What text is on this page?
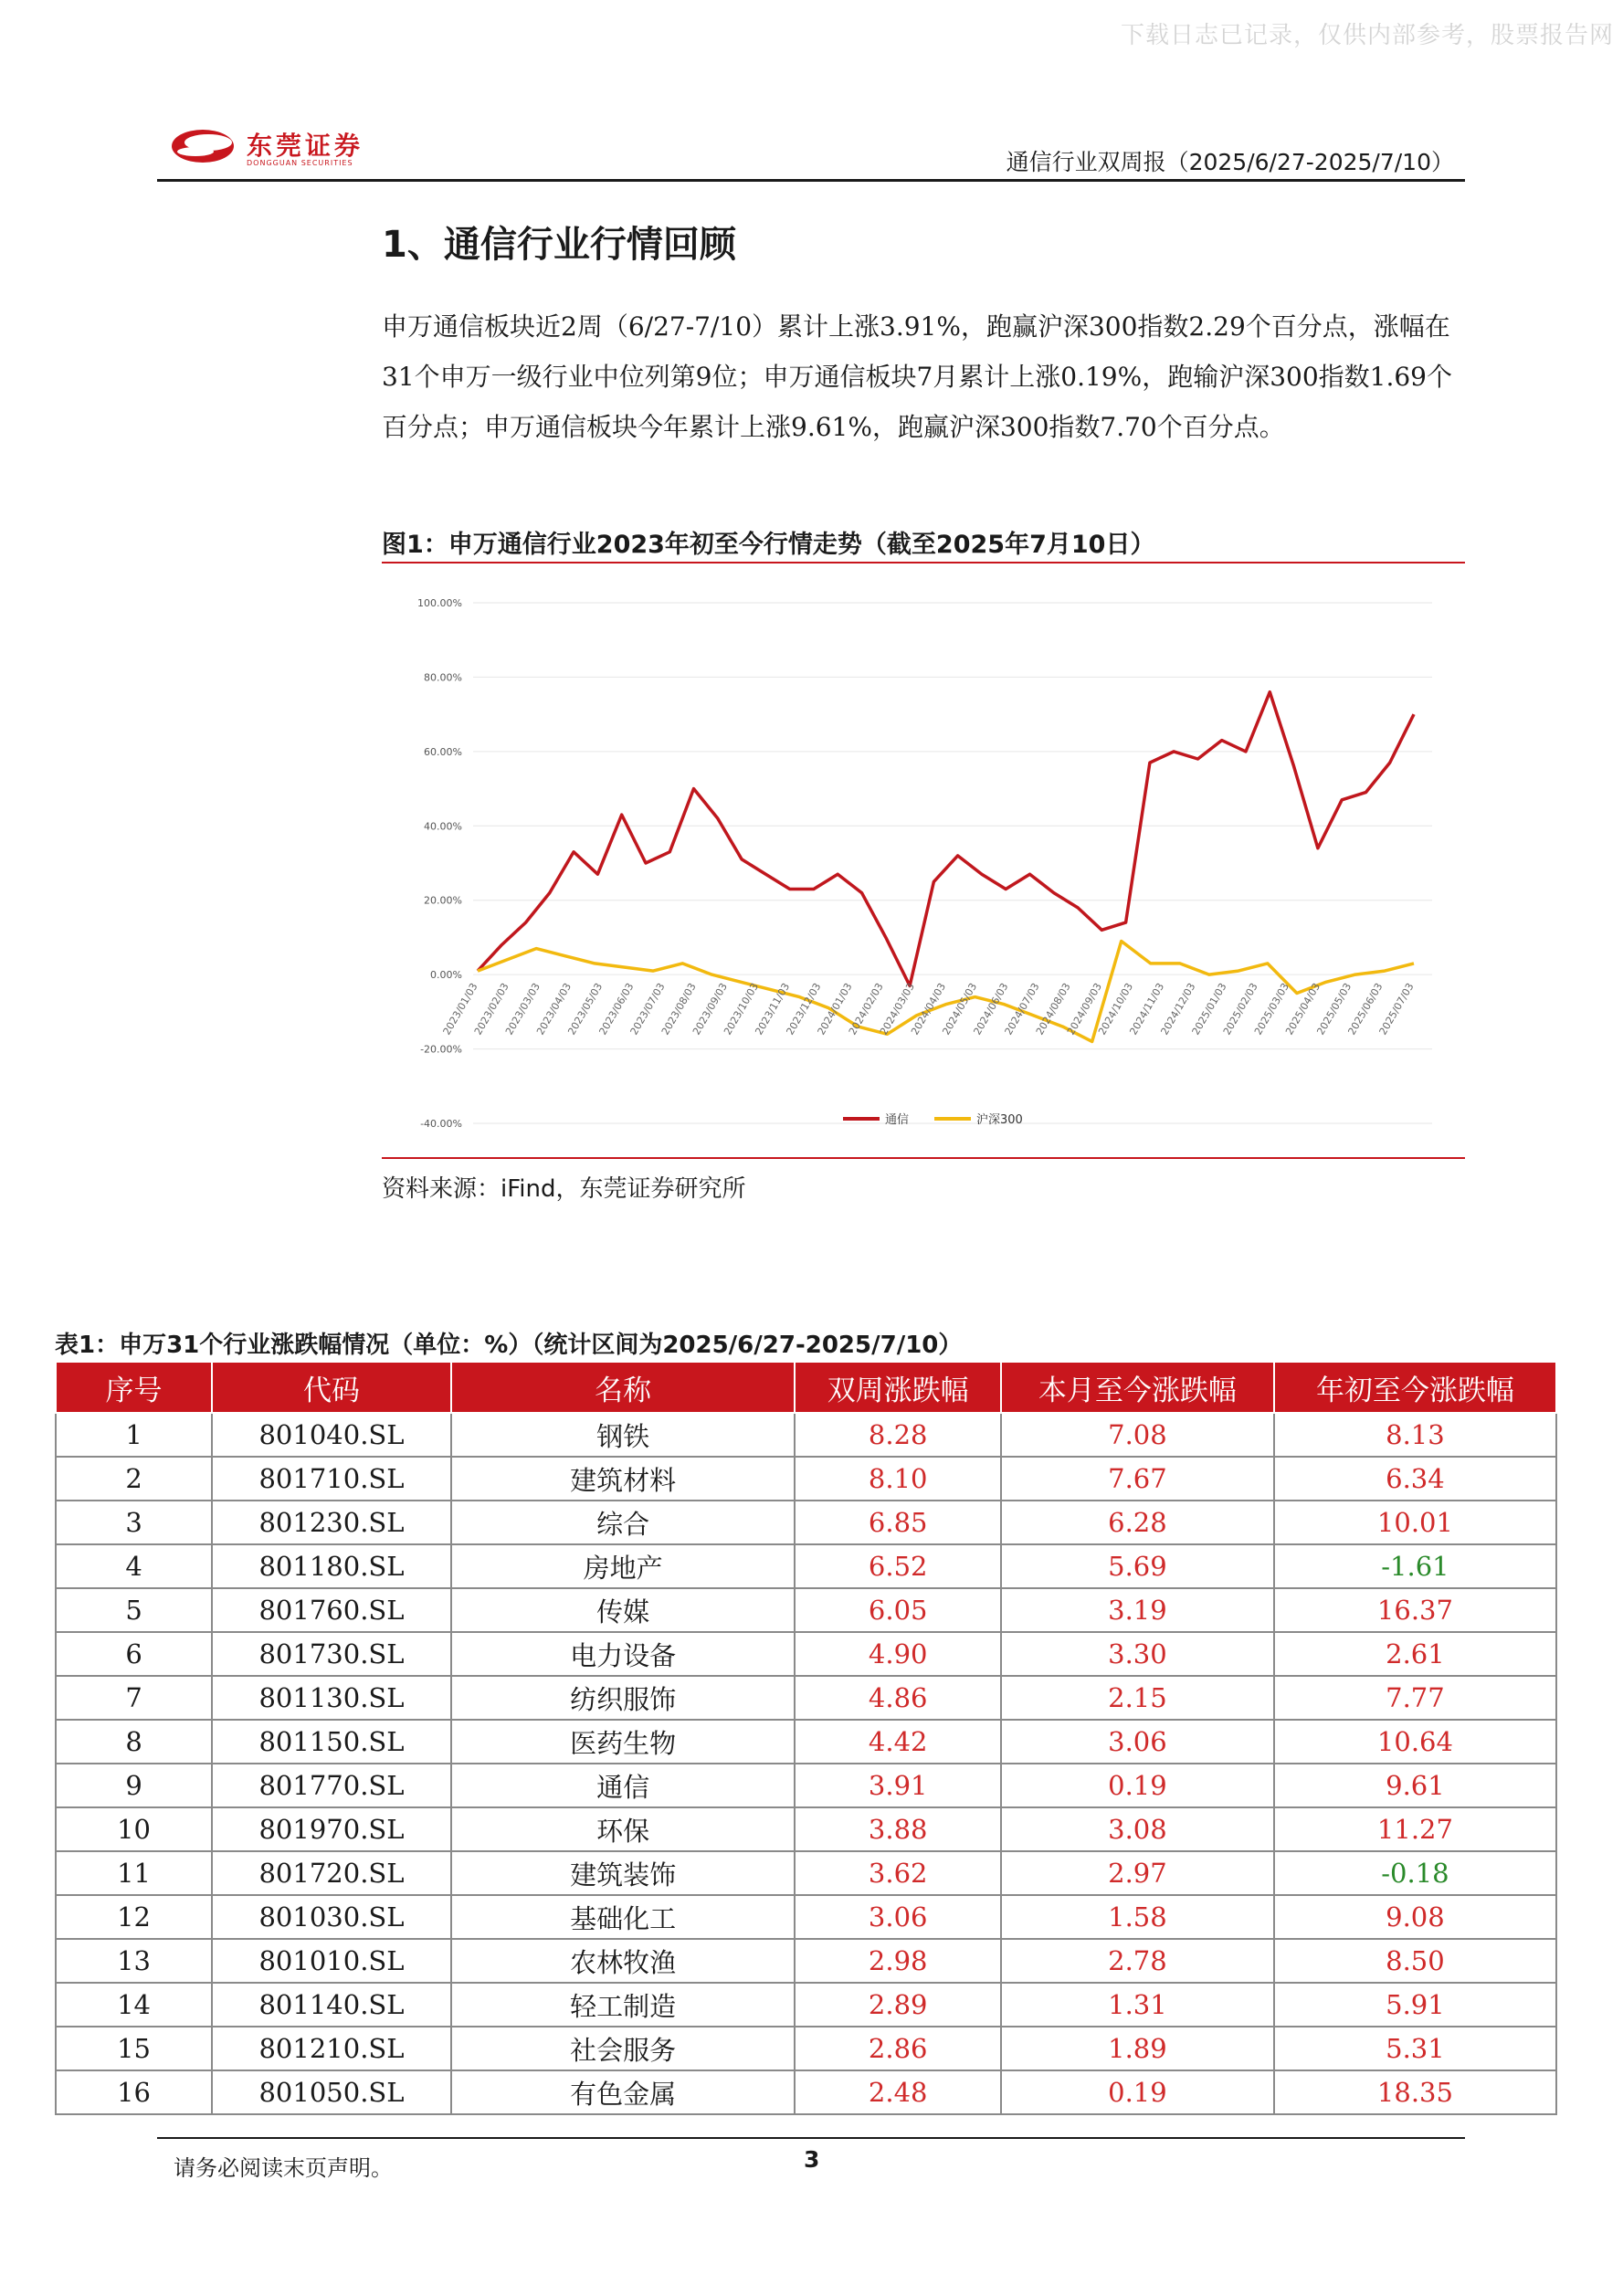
下载日志已记录，仅供内部参考，股票报告网
东莞证券
DONGGUAN SECURITIES	通信行业双周报（2025/6/27-2025/7/10）
1、通信行业行情回顾
申万通信板块近2周（6/27-7/10）累计上涨3.91%，跑赢沪深300指数2.29个百分点，涨幅在31个申万一级行业中位列第9位；申万通信板块7月累计上涨0.19%，跑输沪深300指数1.69个百分点；申万通信板块今年累计上涨9.61%，跑赢沪深300指数7.70个百分点。
图1：申万通信行业2023年初至今行情走势（截至2025年7月10日）
100.00%
80.00%
60.00%
40.00%
20.00%
0.00%
-20.00%
-40.00%
2023/01/03
2023/02/03
2023/03/03
2023/04/03
2023/05/03
2023/06/03
2023/07/03
2023/08/03
2023/09/03
2023/10/03
2023/11/03
2023/12/03
2024/01/03
2024/02/03
2024/03/03
2024/04/03
2024/05/03
2024/06/03
2024/07/03
2024/08/03
2024/09/03
2024/10/03
2024/11/03
2024/12/03
2025/01/03
2025/02/03
2025/03/03
2025/04/03
2025/05/03
2025/06/03
2025/07/03
通信	沪深300
资料来源：iFind，东莞证券研究所
表1：申万31个行业涨跌幅情况（单位：%）（统计区间为2025/6/27-2025/7/10）
序号	代码	名称	双周涨跌幅	本月至今涨跌幅	年初至今涨跌幅
1	801040.SL	钢铁	8.28	7.08	8.13
2	801710.SL	建筑材料	8.10	7.67	6.34
3	801230.SL	综合	6.85	6.28	10.01
4	801180.SL	房地产	6.52	5.69	-1.61
5	801760.SL	传媒	6.05	3.19	16.37
6	801730.SL	电力设备	4.90	3.30	2.61
7	801130.SL	纺织服饰	4.86	2.15	7.77
8	801150.SL	医药生物	4.42	3.06	10.64
9	801770.SL	通信	3.91	0.19	9.61
10	801970.SL	环保	3.88	3.08	11.27
11	801720.SL	建筑装饰	3.62	2.97	-0.18
12	801030.SL	基础化工	3.06	1.58	9.08
13	801010.SL	农林牧渔	2.98	2.78	8.50
14	801140.SL	轻工制造	2.89	1.31	5.91
15	801210.SL	社会服务	2.86	1.89	5.31
16	801050.SL	有色金属	2.48	0.19	18.35
请务必阅读末页声明。	3
